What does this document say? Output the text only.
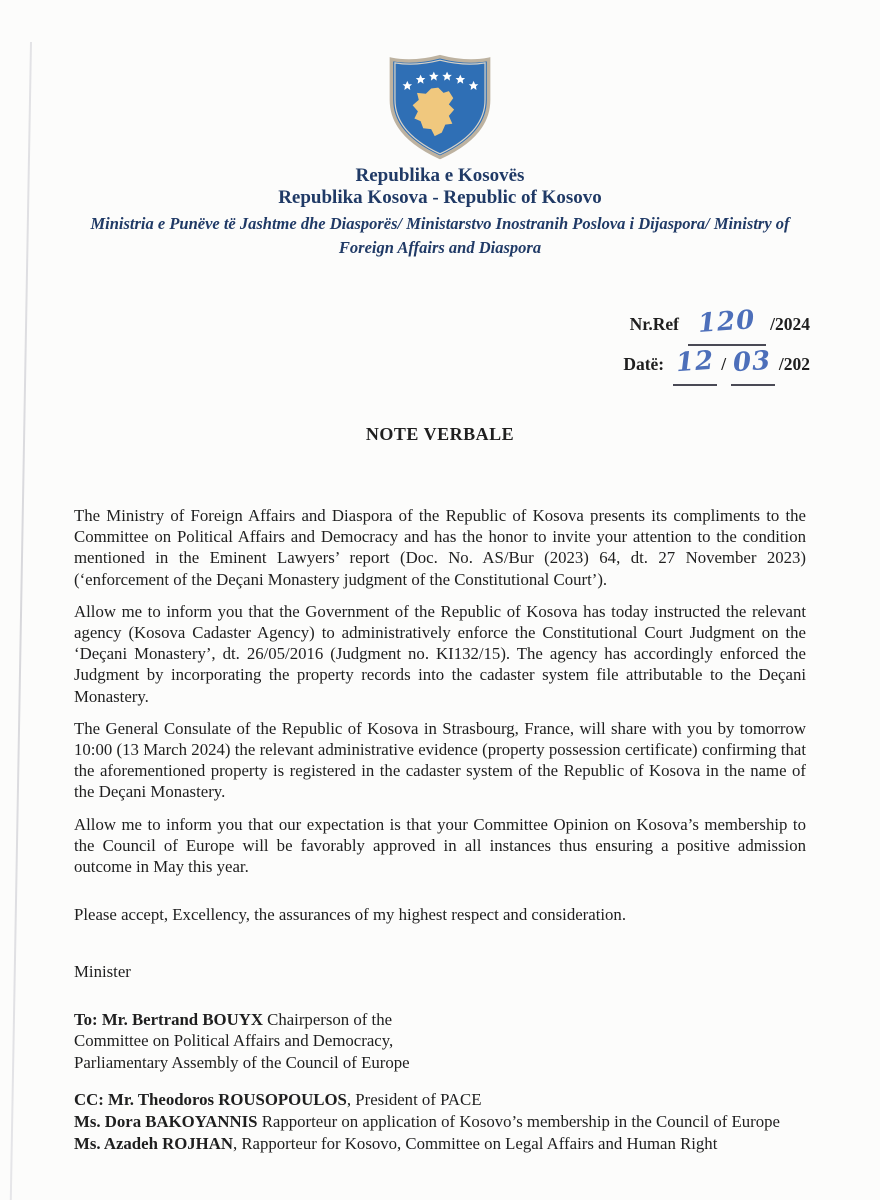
Republika e Kosovës
Republika Kosova - Republic of Kosovo
Ministria e Punëve të Jashtme dhe Diasporës/ Ministarstvo Inostranih Poslova i Dijaspora/ Ministry of Foreign Affairs and Diaspora
Nr.Ref 120 /2024
Datë: 12 / 03 /202
NOTE VERBALE

The Ministry of Foreign Affairs and Diaspora of the Republic of Kosova presents its compliments to the Committee on Political Affairs and Democracy and has the honor to invite your attention to the condition mentioned in the Eminent Lawyers’ report (Doc. No. AS/Bur (2023) 64, dt. 27 November 2023) (‘enforcement of the Deçani Monastery judgment of the Constitutional Court’).

Allow me to inform you that the Government of the Republic of Kosova has today instructed the relevant agency (Kosova Cadaster Agency) to administratively enforce the Constitutional Court Judgment on the ‘Deçani Monastery’, dt. 26/05/2016 (Judgment no. KI132/15). The agency has accordingly enforced the Judgment by incorporating the property records into the cadaster system file attributable to the Deçani Monastery.

The General Consulate of the Republic of Kosova in Strasbourg, France, will share with you by tomorrow 10:00 (13 March 2024) the relevant administrative evidence (property possession certificate) confirming that the aforementioned property is registered in the cadaster system of the Republic of Kosova in the name of the Deçani Monastery.

Allow me to inform you that our expectation is that your Committee Opinion on Kosova’s membership to the Council of Europe will be favorably approved in all instances thus ensuring a positive admission outcome in May this year.

Please accept, Excellency, the assurances of my highest respect and consideration.

Minister

To: Mr. Bertrand BOUYX Chairperson of the
Committee on Political Affairs and Democracy,
Parliamentary Assembly of the Council of Europe
CC: Mr. Theodoros ROUSOPOULOS, President of PACE
Ms. Dora BAKOYANNIS Rapporteur on application of Kosovo’s membership in the Council of Europe
Ms. Azadeh ROJHAN, Rapporteur for Kosovo, Committee on Legal Affairs and Human Right
